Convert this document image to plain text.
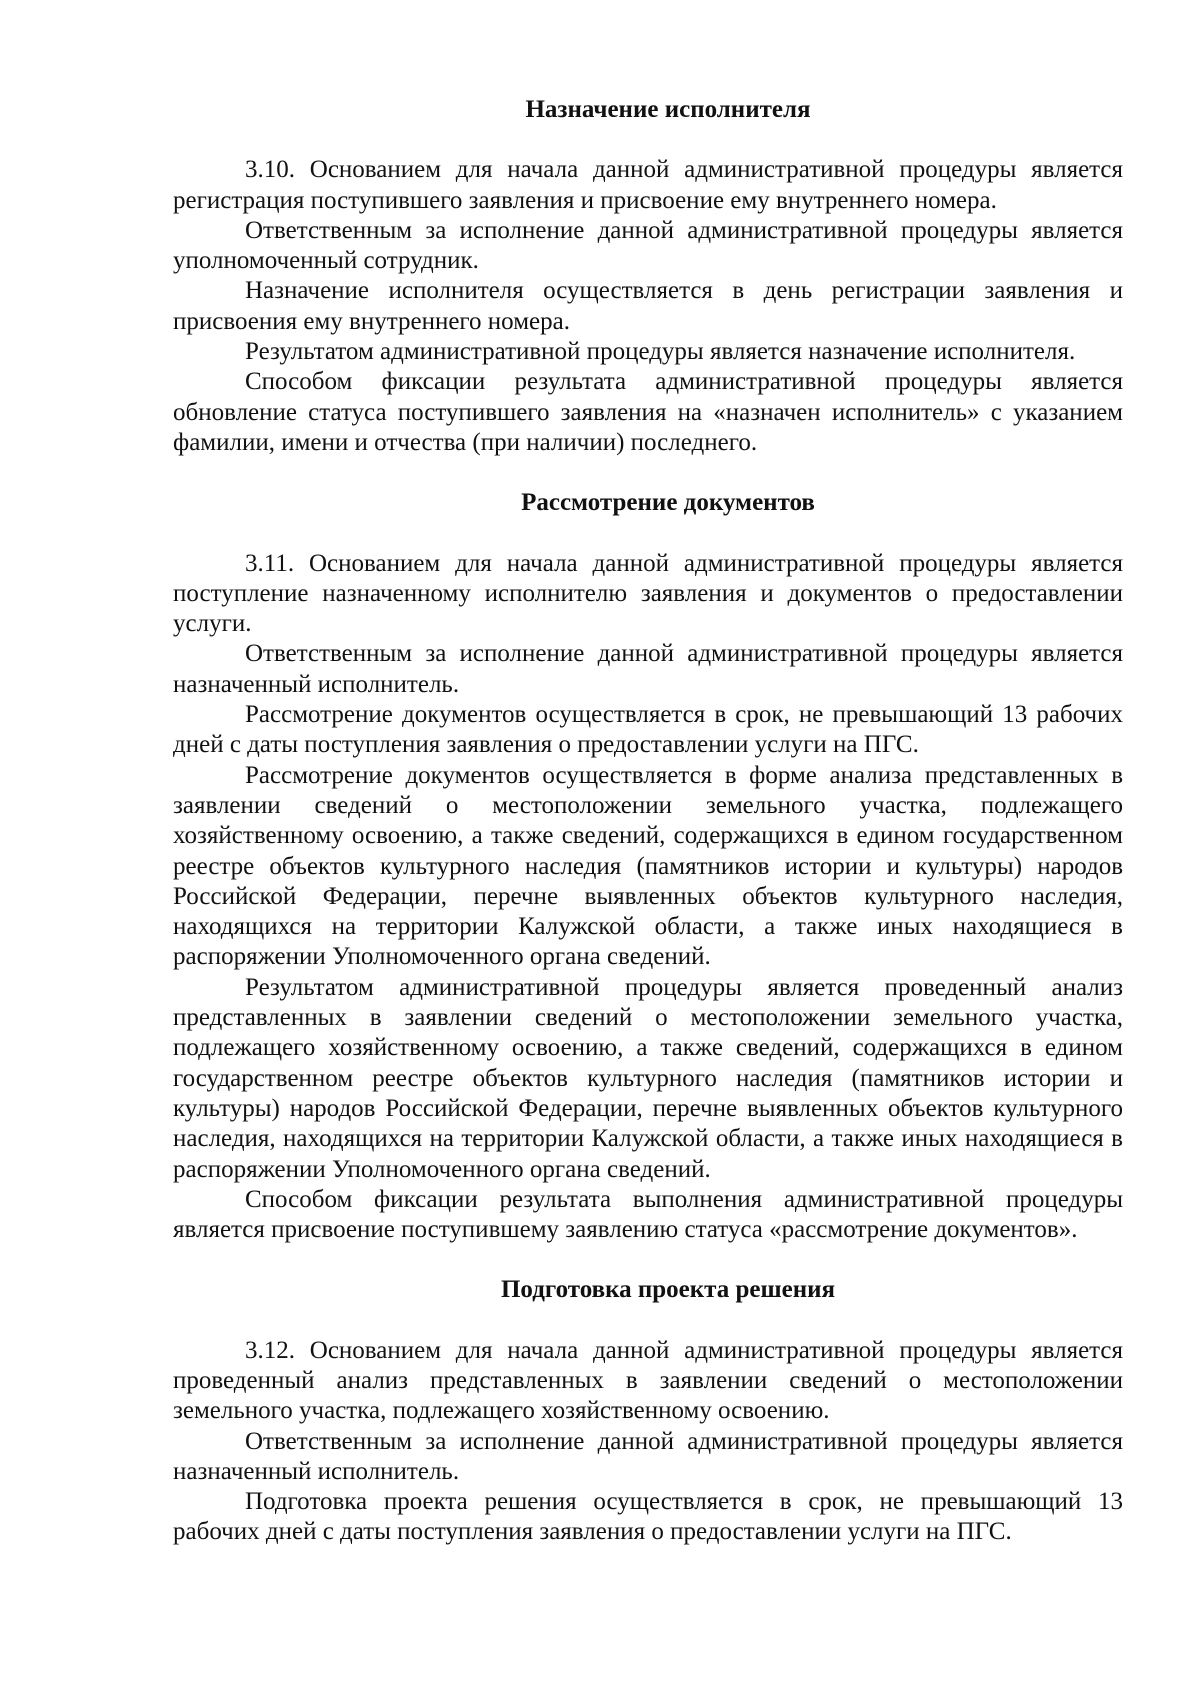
Назначение исполнителя

3.10. Основанием для начала данной административной процедуры является регистрация поступившего заявления и присвоение ему внутреннего номера.

Ответственным за исполнение данной административной процедуры является уполномоченный сотрудник.

Назначение исполнителя осуществляется в день регистрации заявления и присвоения ему внутреннего номера.

Результатом административной процедуры является назначение исполнителя.

Способом фиксации результата административной процедуры является обновление статуса поступившего заявления на «назначен исполнитель» с указанием фамилии, имени и отчества (при наличии) последнего.

Рассмотрение документов

3.11. Основанием для начала данной административной процедуры является поступление назначенному исполнителю заявления и документов о предоставлении услуги.

Ответственным за исполнение данной административной процедуры является назначенный исполнитель.

Рассмотрение документов осуществляется в срок, не превышающий 13 рабочих дней с даты поступления заявления о предоставлении услуги на ПГС.

Рассмотрение документов осуществляется в форме анализа представленных в заявлении сведений о местоположении земельного участка, подлежащего хозяйственному освоению, а также сведений, содержащихся в едином государственном реестре объектов культурного наследия (памятников истории и культуры) народов Российской Федерации, перечне выявленных объектов культурного наследия, находящихся на территории Калужской области, а также иных находящиеся в распоряжении Уполномоченного органа сведений.

Результатом административной процедуры является проведенный анализ представленных в заявлении сведений о местоположении земельного участка, подлежащего хозяйственному освоению, а также сведений, содержащихся в едином государственном реестре объектов культурного наследия (памятников истории и культуры) народов Российской Федерации, перечне выявленных объектов культурного наследия, находящихся на территории Калужской области, а также иных находящиеся в распоряжении Уполномоченного органа сведений.

Способом фиксации результата выполнения административной процедуры является присвоение поступившему заявлению статуса «рассмотрение документов».

Подготовка проекта решения

3.12. Основанием для начала данной административной процедуры является проведенный анализ представленных в заявлении сведений о местоположении земельного участка, подлежащего хозяйственному освоению.

Ответственным за исполнение данной административной процедуры является назначенный исполнитель.

Подготовка проекта решения осуществляется в срок, не превышающий 13 рабочих дней с даты поступления заявления о предоставлении услуги на ПГС.
